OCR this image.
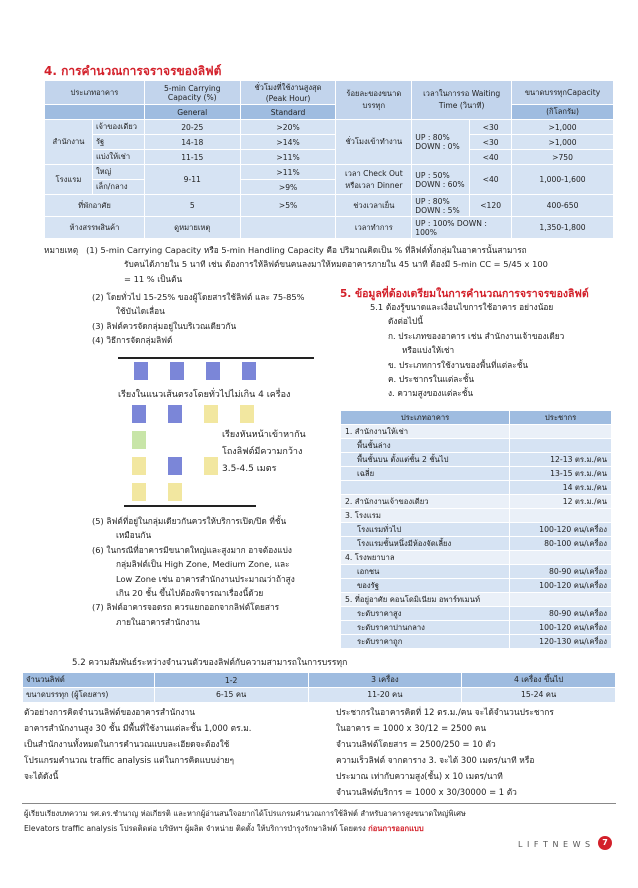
4. การคำนวณการจราจรของลิฟต์
ประเภทอาคาร		5-min Carrying Capacity (%)	ชั่วโมงที่ใช้งานสูงสุด (Peak Hour)	ร้อยละของขนาดบรรทุก	เวลาในการรอ Waiting Time (วินาที)		ขนาดบรรทุกCapacity
		General	Standard				(กิโลกรัม)
สำนักงาน	เจ้าของเดียว	20-25	>20%	ชั่วโมงเข้าทำงาน	UP : 80% DOWN : 0%	<30	>1,000
	รัฐ	14-18	>14%			<30	>1,000
	แบ่งให้เช่า	11-15	>11%			<40	>750
โรงแรม	ใหญ่	9-11	>11%	เวลา Check Out หรือเวลา Dinner	UP : 50% DOWN : 60%	<40	1,000-1,600
	เล็ก/กลาง		>9%				
ที่พักอาศัย		5	>5%	ช่วงเวลาเย็น	UP : 80% DOWN : 5%	<120	400-650
ห้างสรรพสินค้า		ดูหมายเหตุ		เวลาทำการ	UP : 100% DOWN : 100%		1,350-1,800

หมายเหตุ (1) 5-min Carrying Capacity หรือ 5-min Handling Capacity คือ ปริมาณคิดเป็น % ที่ลิฟต์ทั้งกลุ่มในอาคารนั้นสามารถ

รับคนได้ภายใน 5 นาที เช่น ต้องการให้ลิฟต์ขนคนลงมาให้หมดอาคารภายใน 45 นาที ต้องมี 5-min CC = 5/45 x 100

= 11 % เป็นต้น

(2) โดยทั่วไป 15-25% ของผู้โดยสารใช้ลิฟต์ และ 75-85%

ใช้บันไดเลื่อน

(3) ลิฟต์ควรจัดกลุ่มอยู่ในบริเวณเดียวกัน

(4) วิธีการจัดกลุ่มลิฟต์

เรียงในแนวเส้นตรงโดยทั่วไปไม่เกิน 4 เครื่อง

เรียงหันหน้าเข้าหากัน

โถงลิฟต์มีความกว้าง

3.5-4.5 เมตร

(5) ลิฟต์ที่อยู่ในกลุ่มเดียวกันควรให้บริการเปิด/ปิด ที่ชั้น

เหมือนกัน

(6) ในกรณีที่อาคารมีขนาดใหญ่และสูงมาก อาจต้องแบ่ง

กลุ่มลิฟต์เป็น High Zone, Medium Zone, และ

Low Zone เช่น อาคารสำนักงานประมาณว่าถ้าสูง

เกิน 20 ชั้น ขึ้นไปต้องพิจารณาเรื่องนี้ด้วย

(7) ลิฟต์อาคารจอดรถ ควรแยกออกจากลิฟต์โดยสาร

ภายในอาคารสำนักงาน

5. ข้อมูลที่ต้องเตรียมในการคำนวณการจราจรของลิฟต์

5.1 ต้องรู้ขนาดและเงื่อนไขการใช้อาคาร อย่างน้อย

ดังต่อไปนี้

ก. ประเภทของอาคาร เช่น สำนักงานเจ้าของเดียว

หรือแบ่งให้เช่า

ข. ประเภทการใช้งานของพื้นที่แต่ละชั้น

ค. ประชากรในแต่ละชั้น

ง. ความสูงของแต่ละชั้น

ประเภทอาคาร	ประชากร
1. สำนักงานให้เช่า	
พื้นชั้นล่าง	
พื้นชั้นบน ตั้งแต่ชั้น 2 ชั้นไป	12-13 ตร.ม./คน
เฉลี่ย	13-15 ตร.ม./คน
	14 ตร.ม./คน
2. สำนักงานเจ้าของเดียว	12 ตร.ม./คน
3. โรงแรม	
โรงแรมทั่วไป	100-120 คน/เครื่อง
โรงแรมชั้นหนึ่งมีห้องจัดเลี้ยง	80-100 คน/เครื่อง
4. โรงพยาบาล	
เอกชน	80-90 คน/เครื่อง
ของรัฐ	100-120 คน/เครื่อง
5. ที่อยู่อาศัย คอนโดมิเนียม อพาร์ทเมนท์	
ระดับราคาสูง	80-90 คน/เครื่อง
ระดับราคาปานกลาง	100-120 คน/เครื่อง
ระดับราคาถูก	120-130 คน/เครื่อง
5.2 ความสัมพันธ์ระหว่างจำนวนตัวของลิฟต์กับความสามารถในการบรรทุก
จำนวนลิฟต์	1-2	3 เครื่อง	4 เครื่อง ขึ้นไป
ขนาดบรรทุก (ผู้โดยสาร)	6-15 คน	11-20 คน	15-24 คน

ตัวอย่างการคิดจำนวนลิฟต์ของอาคารสำนักงาน

อาคารสำนักงานสูง 30 ชั้น มีพื้นที่ใช้งานแต่ละชั้น 1,000 ตร.ม.

เป็นสำนักงานทั้งหมดในการคำนวณแบบละเอียดจะต้องใช้

โปรแกรมคำนวณ traffic analysis แต่ในการคิดแบบง่ายๆ

จะได้ดังนี้

ประชากรในอาคารคิดที่ 12 ตร.ม./คน จะได้จำนวนประชากร

ในอาคาร = 1000 x 30/12 = 2500 คน

จำนวนลิฟต์โดยสาร = 2500/250 = 10 ตัว

ความเร็วลิฟต์ จากตาราง 3. จะได้ 300 เมตร/นาที หรือ

ประมาณ เท่ากับความสูง(ชั้น) x 10 เมตร/นาที

จำนวนลิฟต์บริการ = 1000 x 30/30000 = 1 ตัว

ผู้เรียบเรียงบทความ รศ.ดร.ชำนาญ ห่อเกียรติ และหากผู้อ่านสนใจอยากได้โปรแกรมคำนวณการใช้ลิฟต์ สำหรับอาคารสูงขนาดใหญ่พิเศษ

Elevators traffic analysis โปรดติดต่อ บริษัทฯ ผู้ผลิต จำหน่าย ติดตั้ง ให้บริการบำรุงรักษาลิฟต์ โดยตรง ก่อนการออกแบบ

L I F T N E W S	7
